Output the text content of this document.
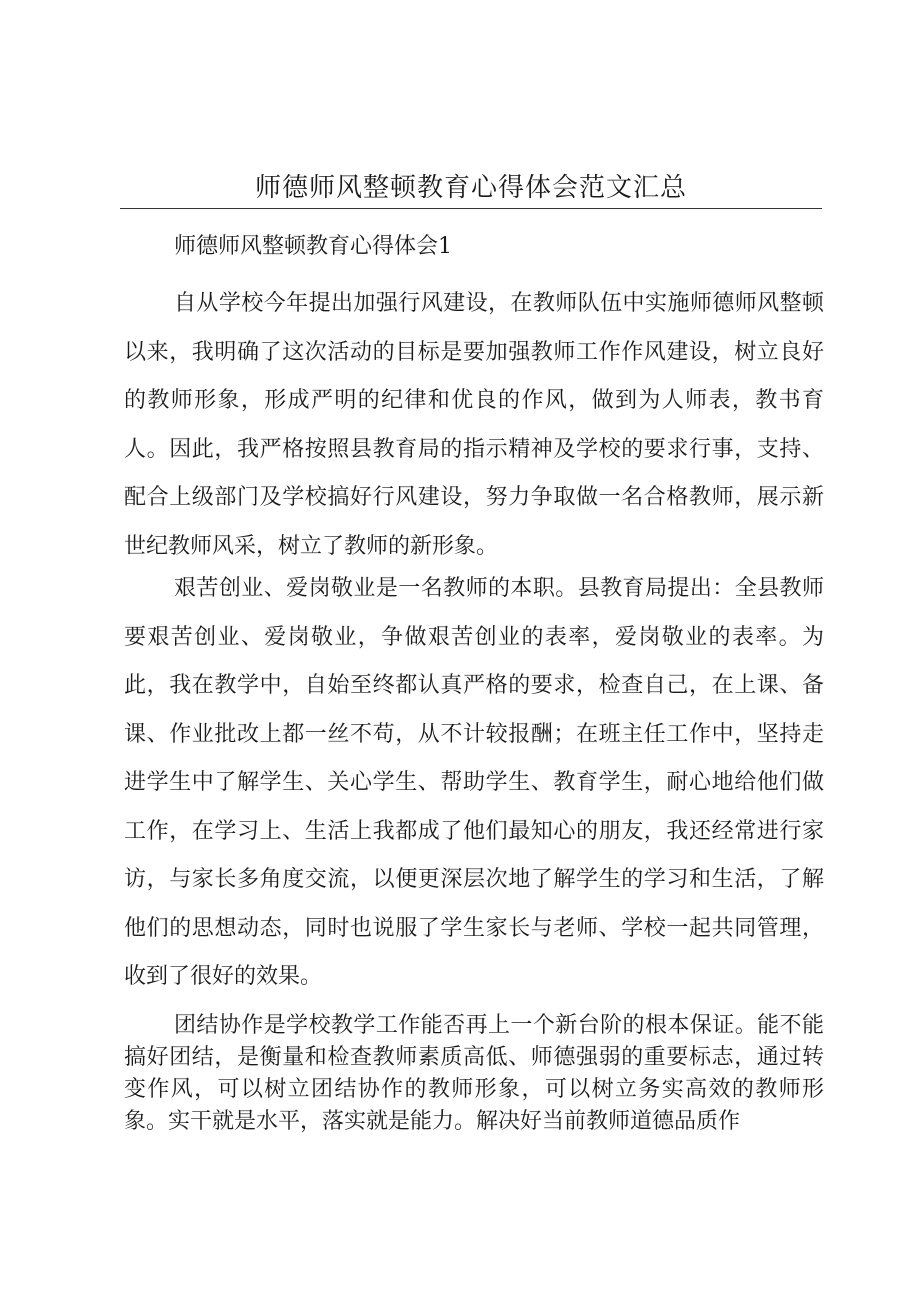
师德师风整顿教育心得体会范文汇总
师德师风整顿教育心得体会1

自从学校今年提出加强行风建设，在教师队伍中实施师德师风整顿以来，我明确了这次活动的目标是要加强教师工作作风建设，树立良好的教师形象，形成严明的纪律和优良的作风，做到为人师表，教书育人。因此，我严格按照县教育局的指示精神及学校的要求行事，支持、配合上级部门及学校搞好行风建设，努力争取做一名合格教师，展示新世纪教师风采，树立了教师的新形象。

艰苦创业、爱岗敬业是一名教师的本职。县教育局提出：全县教师要艰苦创业、爱岗敬业，争做艰苦创业的表率，爱岗敬业的表率。为此，我在教学中，自始至终都认真严格的要求，检查自己，在上课、备课、作业批改上都一丝不苟，从不计较报酬；在班主任工作中，坚持走进学生中了解学生、关心学生、帮助学生、教育学生，耐心地给他们做工作，在学习上、生活上我都成了他们最知心的朋友，我还经常进行家访，与家长多角度交流，以便更深层次地了解学生的学习和生活，了解他们的思想动态，同时也说服了学生家长与老师、学校一起共同管理，收到了很好的效果。

团结协作是学校教学工作能否再上一个新台阶的根本保证。能不能搞好团结，是衡量和检查教师素质高低、师德强弱的重要标志，通过转变作风，可以树立团结协作的教师形象，可以树立务实高效的教师形象。实干就是水平，落实就是能力。解决好当前教师道德品质作
